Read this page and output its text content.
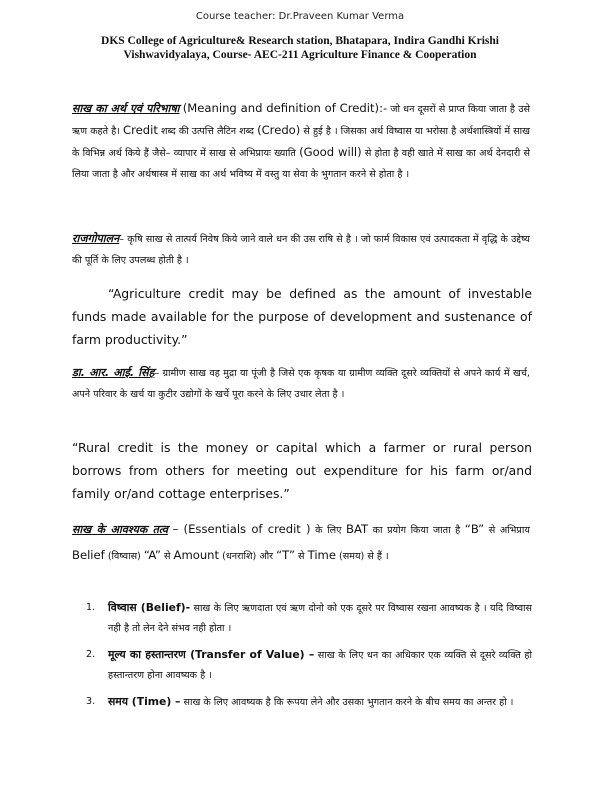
Course teacher: Dr.Praveen Kumar Verma
DKS College of Agriculture& Research station, Bhatapara, Indira Gandhi Krishi
Vishwavidyalaya, Course- AEC-211 Agriculture Finance & Cooperation
साख का अर्थ एवं परिभाषा (Meaning and definition of Credit):- जो धन दूसरों से प्राप्त किया जाता है उसे ऋण कहते है। Credit शब्द की उत्पत्ति लैटिन शब्द (Credo) से हुई है । जिसका अर्थ विष्वास या भरोसा है अर्थशास्त्रियों में साख के विभिन्न अर्थ किये हैं जैसे– व्यापार में साख से अभिप्रायः ख्याति (Good will) से होता है वही खाते में साख का अर्थ देनदारी से लिया जाता है और अर्थषास्त्र में साख का अर्थ भविष्य में वस्तु या सेवा के भुगतान करने से होता है ।
राजगोपालन– कृषि साख से तात्पर्य निवेष किये जाने वाले धन की उस राषि से है । जो फार्म विकास एवं उत्पादकता में वृद्धि के उद्देष्य की पूर्ति के लिए उपलब्ध होती है ।
“Agriculture credit may be defined as the amount of investable funds made available for the purpose of development and sustenance of farm productivity.”
डा. आर. आई. सिंह– ग्रामीण साख वह मुद्रा या पूंजी है जिसे एक कृषक या ग्रामीण व्यक्ति दूसरे व्यक्तियों से अपने कार्य में खर्च, अपने परिवार के खर्च या कुटीर उद्योगों के खर्चे पूरा करने के लिए उधार लेता है ।
“Rural credit is the money or capital which a farmer or rural person borrows from others for meeting out expenditure for his farm or/and family or/and cottage enterprises.”
साख के आवश्यक तत्व – (Essentials of credit ) के लिए BAT का प्रयोग किया जाता है “B” से अभिप्राय Belief (विष्वास) “A” से Amount (धनराशि) और “T” से Time (समय) से हैं ।
1. विष्वास (Belief)- साख के लिए ऋणदाता एवं ऋण दोनो को एक दूसरे पर विष्वास रखना आवष्यक है । यदि विष्वास नही है तो लेन देने संभव नही होता ।
2. मूल्य का हस्तान्तरण (Transfer of Value) – साख के लिए धन का अधिकार एक व्यक्ति से दूसरे व्यक्ति हो हस्तान्तरण होना आवष्यक है ।
3. समय (Time) – साख के लिए आवष्यक है कि रूपया लेने और उसका भुगतान करने के बीच समय का अन्तर हो ।
